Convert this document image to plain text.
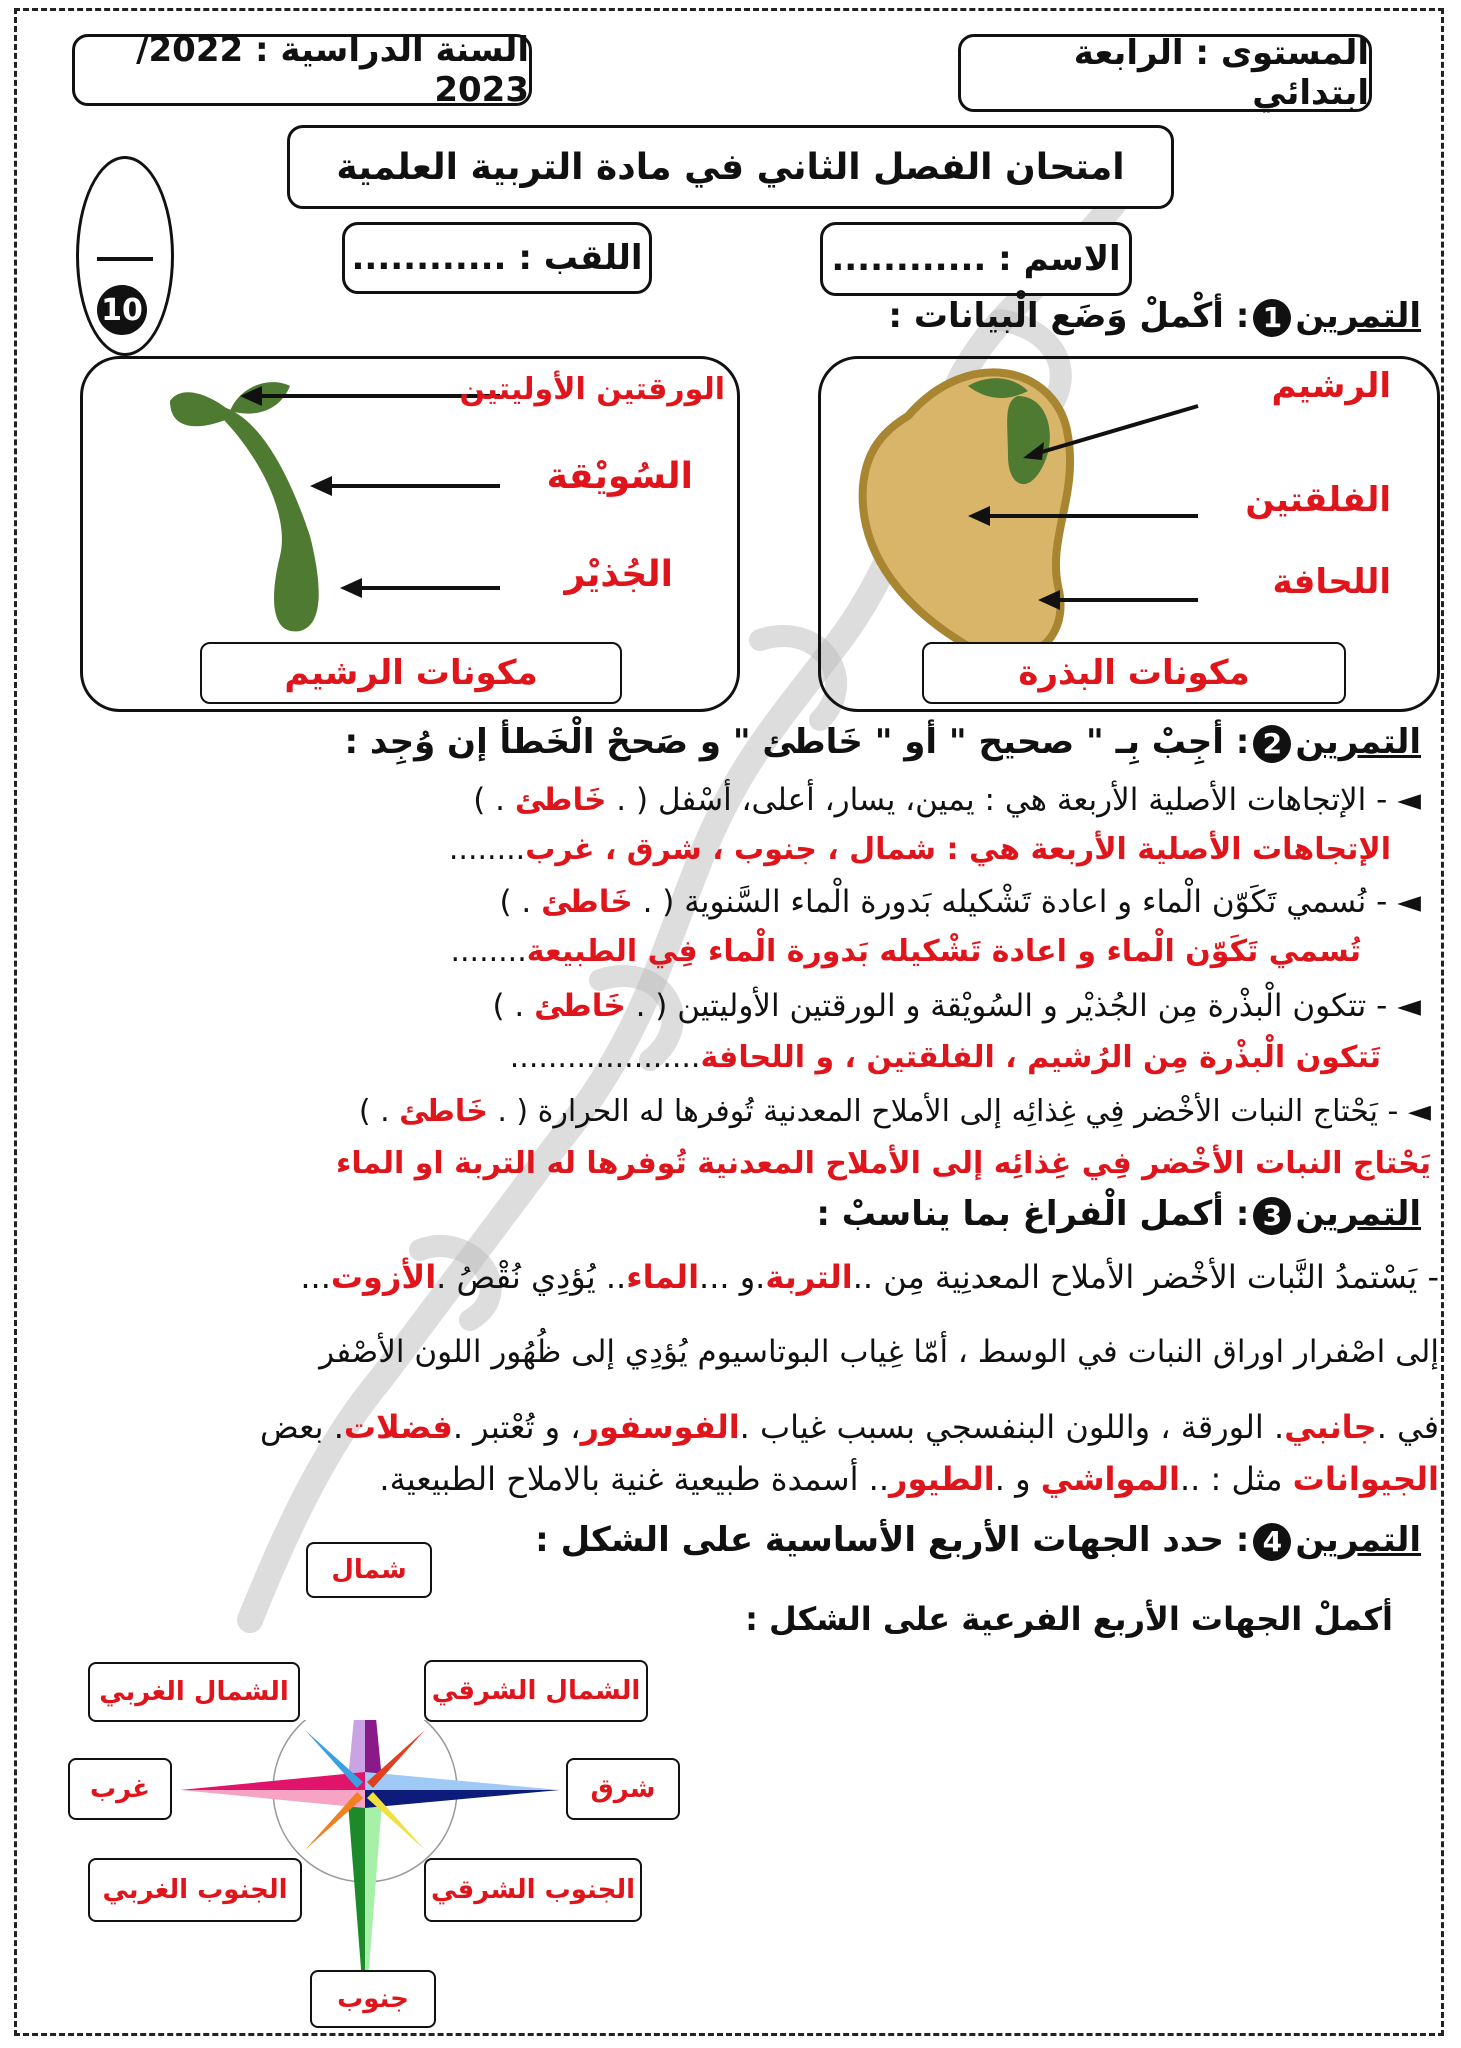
المستوى : الرابعة ابتدائي
السنة الدراسية : 2022/ 2023
امتحان الفصل الثاني في مادة التربية العلمية
الاسم : ............
اللقب : ............
10	التمرين1: أكْملْ وَضَع الْبيانات :
الرشيم
الفلقتين
اللحافة
مكونات البذرة
الورقتين الأوليتين
السُويْقة
الجُذيْر
مكونات الرشيم
التمرين2: أجِبْ بِـ " صحيح " أو " خَاطئ " و صَححْ الْخَطأ إن وُجِد :
◄ - الإتجاهات الأصلية الأربعة هي : يمين، يسار، أعلى، أسْفل ( . خَاطئ . )
الإتجاهات الأصلية الأربعة هي : شمال ، جنوب ، شرق ، غرب........
◄ - نُسمي تَكَوّن الْماء و اعادة تَشْكيله بَدورة الْماء السَّنوية ( . خَاطئ . )
تُسمي تَكَوّن الْماء و اعادة تَشْكيله بَدورة الْماء فِي الطبيعة........
◄ - تتكون الْبذْرة مِن الجُذيْر و السُويْقة و الورقتين الأوليتين ( . خَاطئ . )
تَتكون الْبذْرة مِن الرُشيم ، الفلقتين ، و اللحافة....................
◄ - يَحْتاج النبات الأخْضر فِي غِذائِه إلى الأملاح المعدنية تُوفرها له الحرارة ( . خَاطئ . )
يَحْتاج النبات الأخْضر فِي غِذائِه إلى الأملاح المعدنية تُوفرها له التربة او الماء
التمرين3: أكمل الْفراغ بما يناسبْ :
- يَسْتمدُ النَّبات الأخْضر الأملاح المعدنِية مِن ..التربة.و ...الماء.. يُؤدِي نُقْصُ .الأزوت...
إلى اصْفرار اوراق النبات في الوسط ، أمّا غِياب البوتاسيوم يُؤدِي إلى ظُهُور اللون الأصْفر
في .جانبي. الورقة ، واللون البنفسجي بسبب غياب .الفوسفور، و تُعْتبر .فضلات. بعض
الجيوانات مثل : ..المواشي و .الطيور.. أسمدة طبيعية غنية بالاملاح الطبيعية.
التمرين4: حدد الجهات الأربع الأساسية على الشكل :
أكملْ الجهات الأربع الفرعية على الشكل :
شمال
جنوب
شرق
غرب
الشمال الشرقي
الشمال الغربي
الجنوب الشرقي
الجنوب الغربي
